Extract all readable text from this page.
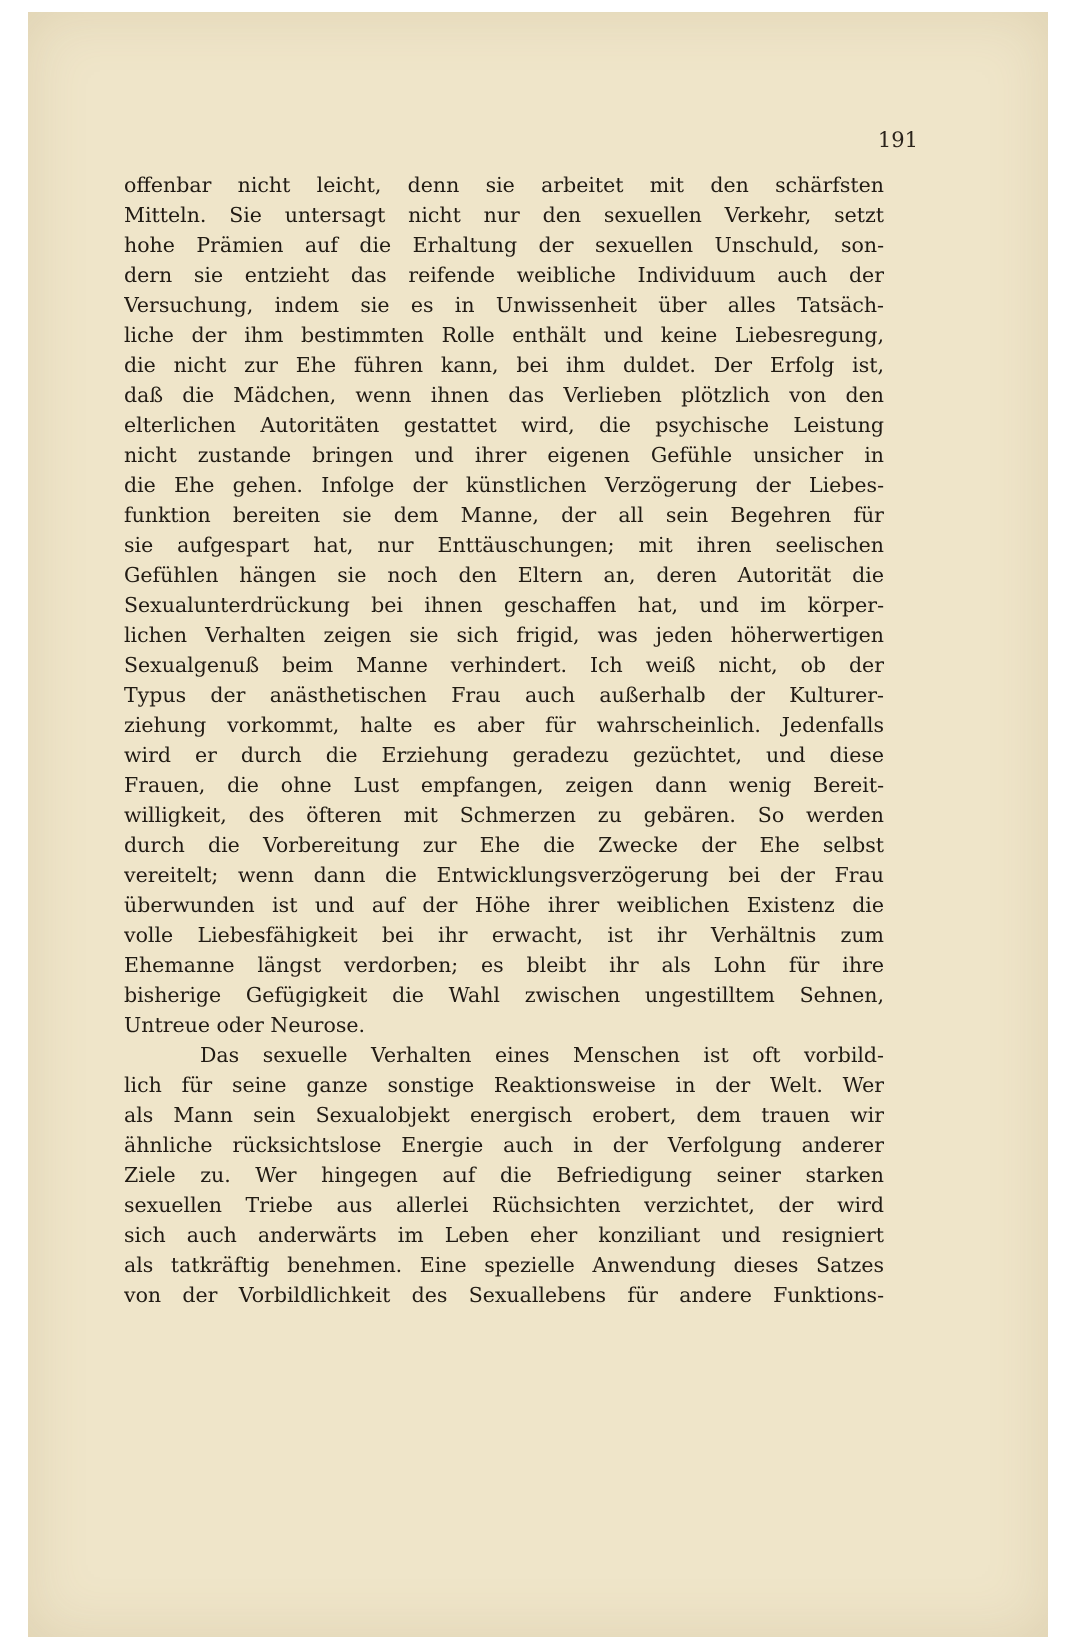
191
offenbar nicht leicht, denn sie arbeitet mit den schärfsten
Mitteln. Sie untersagt nicht nur den sexuellen Verkehr, setzt
hohe Prämien auf die Erhaltung der sexuellen Unschuld, son-
dern sie entzieht das reifende weibliche Individuum auch der
Versuchung, indem sie es in Unwissenheit über alles Tatsäch-
liche der ihm bestimmten Rolle enthält und keine Liebesregung,
die nicht zur Ehe führen kann, bei ihm duldet. Der Erfolg ist,
daß die Mädchen, wenn ihnen das Verlieben plötzlich von den
elterlichen Autoritäten gestattet wird, die psychische Leistung
nicht zustande bringen und ihrer eigenen Gefühle unsicher in
die Ehe gehen. Infolge der künstlichen Verzögerung der Liebes-
funktion bereiten sie dem Manne, der all sein Begehren für
sie aufgespart hat, nur Enttäuschungen; mit ihren seelischen
Gefühlen hängen sie noch den Eltern an, deren Autorität die
Sexualunterdrückung bei ihnen geschaffen hat, und im körper-
lichen Verhalten zeigen sie sich frigid, was jeden höherwertigen
Sexualgenuß beim Manne verhindert. Ich weiß nicht, ob der
Typus der anästhetischen Frau auch außerhalb der Kulturer-
ziehung vorkommt, halte es aber für wahrscheinlich. Jedenfalls
wird er durch die Erziehung geradezu gezüchtet, und diese
Frauen, die ohne Lust empfangen, zeigen dann wenig Bereit-
willigkeit, des öfteren mit Schmerzen zu gebären. So werden
durch die Vorbereitung zur Ehe die Zwecke der Ehe selbst
vereitelt; wenn dann die Entwicklungsverzögerung bei der Frau
überwunden ist und auf der Höhe ihrer weiblichen Existenz die
volle Liebesfähigkeit bei ihr erwacht, ist ihr Verhältnis zum
Ehemanne längst verdorben; es bleibt ihr als Lohn für ihre
bisherige Gefügigkeit die Wahl zwischen ungestilltem Sehnen,
Untreue oder Neurose.
Das sexuelle Verhalten eines Menschen ist oft vorbild-
lich für seine ganze sonstige Reaktionsweise in der Welt. Wer
als Mann sein Sexualobjekt energisch erobert, dem trauen wir
ähnliche rücksichtslose Energie auch in der Verfolgung anderer
Ziele zu. Wer hingegen auf die Befriedigung seiner starken
sexuellen Triebe aus allerlei Rüchsichten verzichtet, der wird
sich auch anderwärts im Leben eher konziliant und resigniert
als tatkräftig benehmen. Eine spezielle Anwendung dieses Satzes
von der Vorbildlichkeit des Sexuallebens für andere Funktions-
